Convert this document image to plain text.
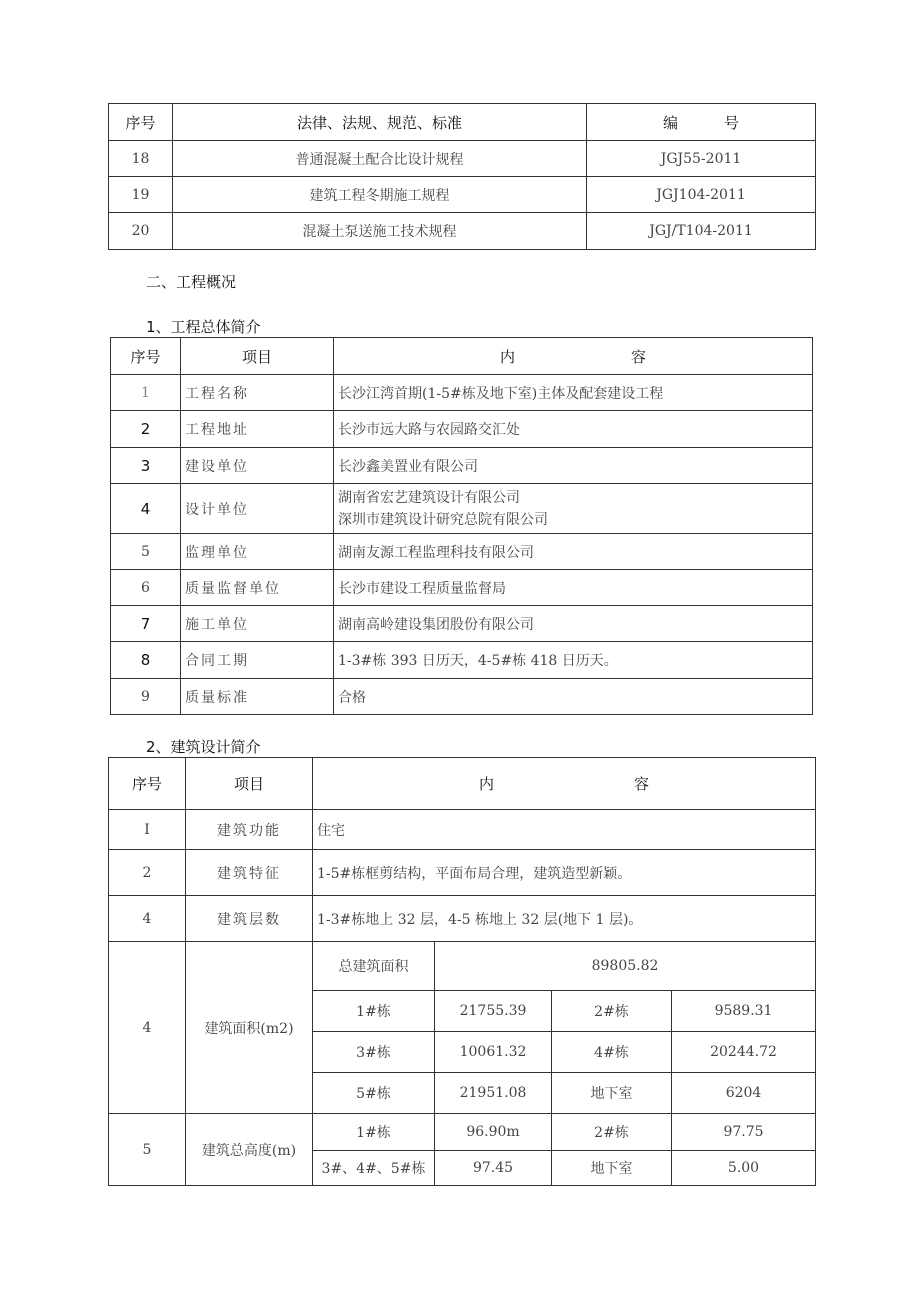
序号	法律、法规、规范、标准	编 号
18	普通混凝土配合比设计规程	JGJ55-2011
19	建筑工程冬期施工规程	JGJ104-2011
20	混凝土泵送施工技术规程	JGJ/T104-2011
二、工程概况
1、工程总体简介
序号	项目	内 容
1	工程名称	长沙江湾首期(1-5#栋及地下室)主体及配套建设工程
2	工程地址	长沙市远大路与农园路交汇处
3	建设单位	长沙鑫美置业有限公司
4	设计单位	湖南省宏艺建筑设计有限公司
深圳市建筑设计研究总院有限公司

5	监理单位	湖南友源工程监理科技有限公司
6	质量监督单位	长沙市建设工程质量监督局
7	施工单位	湖南高岭建设集团股份有限公司
8	合同工期	1-3#栋 393 日历天，4-5#栋 418 日历天。
9	质量标准	合格
2、建筑设计简介
序号	项目	内 容			
I	建筑功能	住宅			
2	建筑特征	1-5#栋框剪结构，平面布局合理，建筑造型新颖。			
4	建筑层数	1-3#栋地上 32 层，4-5 栋地上 32 层(地下 1 层)。			
4	建筑面积(m2)	总建筑面积	89805.82		
		1#栋	21755.39	2#栋	9589.31
		3#栋	10061.32	4#栋	20244.72
		5#栋	21951.08	地下室	6204
5	建筑总高度(m)	1#栋	96.90m	2#栋	97.75
		3#、4#、5#栋	97.45	地下室	5.00
